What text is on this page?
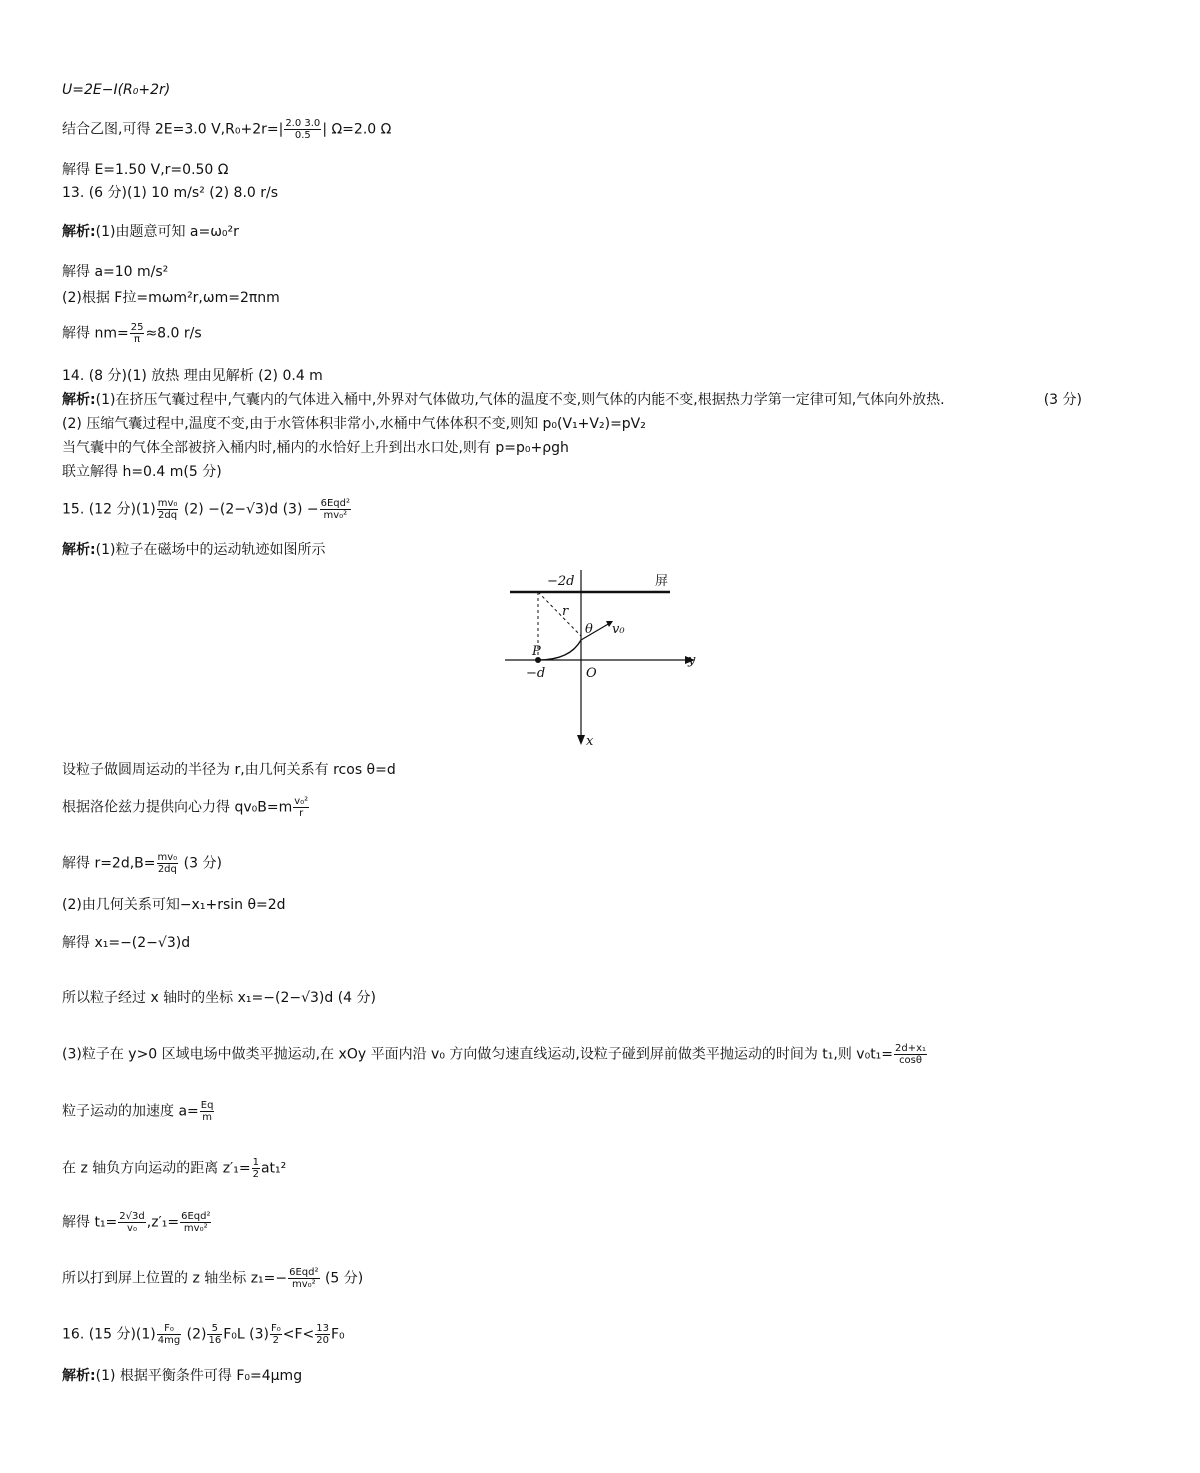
U=2E−I(R₀+2r)
结合乙图,可得 2E=3.0 $V,R_0+2r=| \frac{2.0 3.0}{0.5}$ | Ω=2.0 Ω
解得 E=1.50 V,r=0.50 Ω
13. (6 分)(1) 10 m/s² (2) 8.0 r/s
解析:(1)由题意可知 a=ω₀²r
解得 a=10 m/s²
(2)根据 F拉=mωm²r,ωm=2πnm
解得 $nm= \frac{25}{\pi} \approx 8.0$ r/s
14. (8 分)(1) 放热 理由见解析 (2) 0.4 m
解析:(1)在挤压气囊过程中,气囊内的气体进入桶中,外界对气体做功,气体的温度不变,则气体的内能不变,根据热力学第一定律可知,气体向外放热.	(3 分)
(2) 压缩气囊过程中,温度不变,由于水管体积非常小,水桶中气体体积不变,则知 p₀(V₁+V₂)=pV₂
当气囊中的气体全部被挤入桶内时,桶内的水恰好上升到出水口处,则有 p=p₀+ρgh
联立解得 h=0.4 m(5 分)
15. (12 分)$(1) \frac{\text{mv₀}}{2dq} (2) -(2-√3)d$ $(3) - \frac{\text{6Eqd²}}{\text{mv₀²}}$
解析:(1)粒子在磁场中的运动轨迹如图所示
−2d	屏
r
θ v₀
P
−d	O
y
x
设粒子做圆周运动的半径为 r,由几何关系有 rcos θ=d
根据洛伦兹力提供向心力得 $qv_0B=m \frac{\text{v₀²}}{r}$
解得 $r=2d,B= \frac{\text{mv₀}}{2dq} (3$ 分)
(2)由几何关系可知−x₁+rsin θ=2d
解得 x₁=−(2−√3)d
所以粒子经过 x 轴时的坐标 x₁=−(2−√3)d (4 分)
(3)粒子在 y>0 区域电场中做类平抛运动,在 xOy 平面内沿 v₀ 方向做匀速直线运动,设粒子碰到屏前做类平抛运动的时间为 t₁,则 $v_0t_1= \frac{\text{2d+x₁}}{\cos\theta}$
粒子运动的加速度 $a= \frac{Eq}{m}$
在 z 轴负方向运动的距离 $z'_1= \frac{1}{2} at_1^2$
解得 $t_1= \frac{2√3d}{\text{v₀}} ,z'_1= \frac{\text{6Eqd²}}{\text{mv₀²}}$
所以打到屏上位置的 z 轴坐标 $z_1=- \frac{\text{6Eqd²}}{\text{mv₀²}} (5$ 分)
16. (15 分)$(1) \frac{\text{F₀}}{4mg} (2) \frac{5}{16} F_0L$ $(3) \frac{\text{F₀}}{2} <F< \frac{13}{20} F_0$
解析:(1) 根据平衡条件可得 F₀=4μmg
